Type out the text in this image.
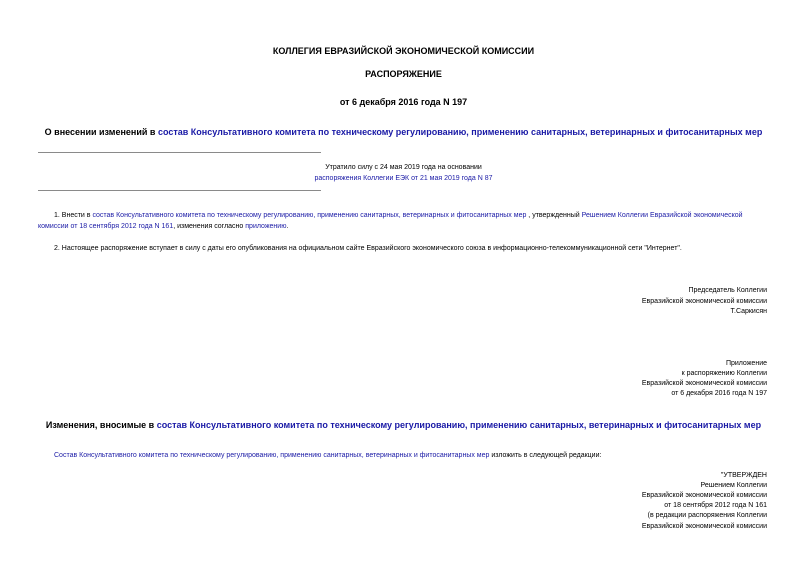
КОЛЛЕГИЯ ЕВРАЗИЙСКОЙ ЭКОНОМИЧЕСКОЙ КОМИССИИ
РАСПОРЯЖЕНИЕ
от 6 декабря 2016 года N 197
О внесении изменений в состав Консультативного комитета по техническому регулированию, применению санитарных, ветеринарных и фитосанитарных мер
Утратило силу с 24 мая 2019 года на основании
распоряжения Коллегии ЕЭК от 21 мая 2019 года N 87

1. Внести в состав Консультативного комитета по техническому регулированию, применению санитарных, ветеринарных и фитосанитарных мер , утвержденный Решением Коллегии Евразийской экономической комиссии от 18 сентября 2012 года N 161, изменения согласно приложению.

2. Настоящее распоряжение вступает в силу с даты его опубликования на официальном сайте Евразийского экономического союза в информационно-телекоммуникационной сети "Интернет".

Председатель Коллегии
Евразийской экономической комиссии
Т.Саркисян
Приложение
к распоряжению Коллегии
Евразийской экономической комиссии
от 6 декабря 2016 года N 197
Изменения, вносимые в состав Консультативного комитета по техническому регулированию, применению санитарных, ветеринарных и фитосанитарных мер
Состав Консультативного комитета по техническому регулированию, применению санитарных, ветеринарных и фитосанитарных мер изложить в следующей редакции:
"УТВЕРЖДЕН
Решением Коллегии
Евразийской экономической комиссии
от 18 сентября 2012 года N 161
(в редакции распоряжения Коллегии
Евразийской экономической комиссии
